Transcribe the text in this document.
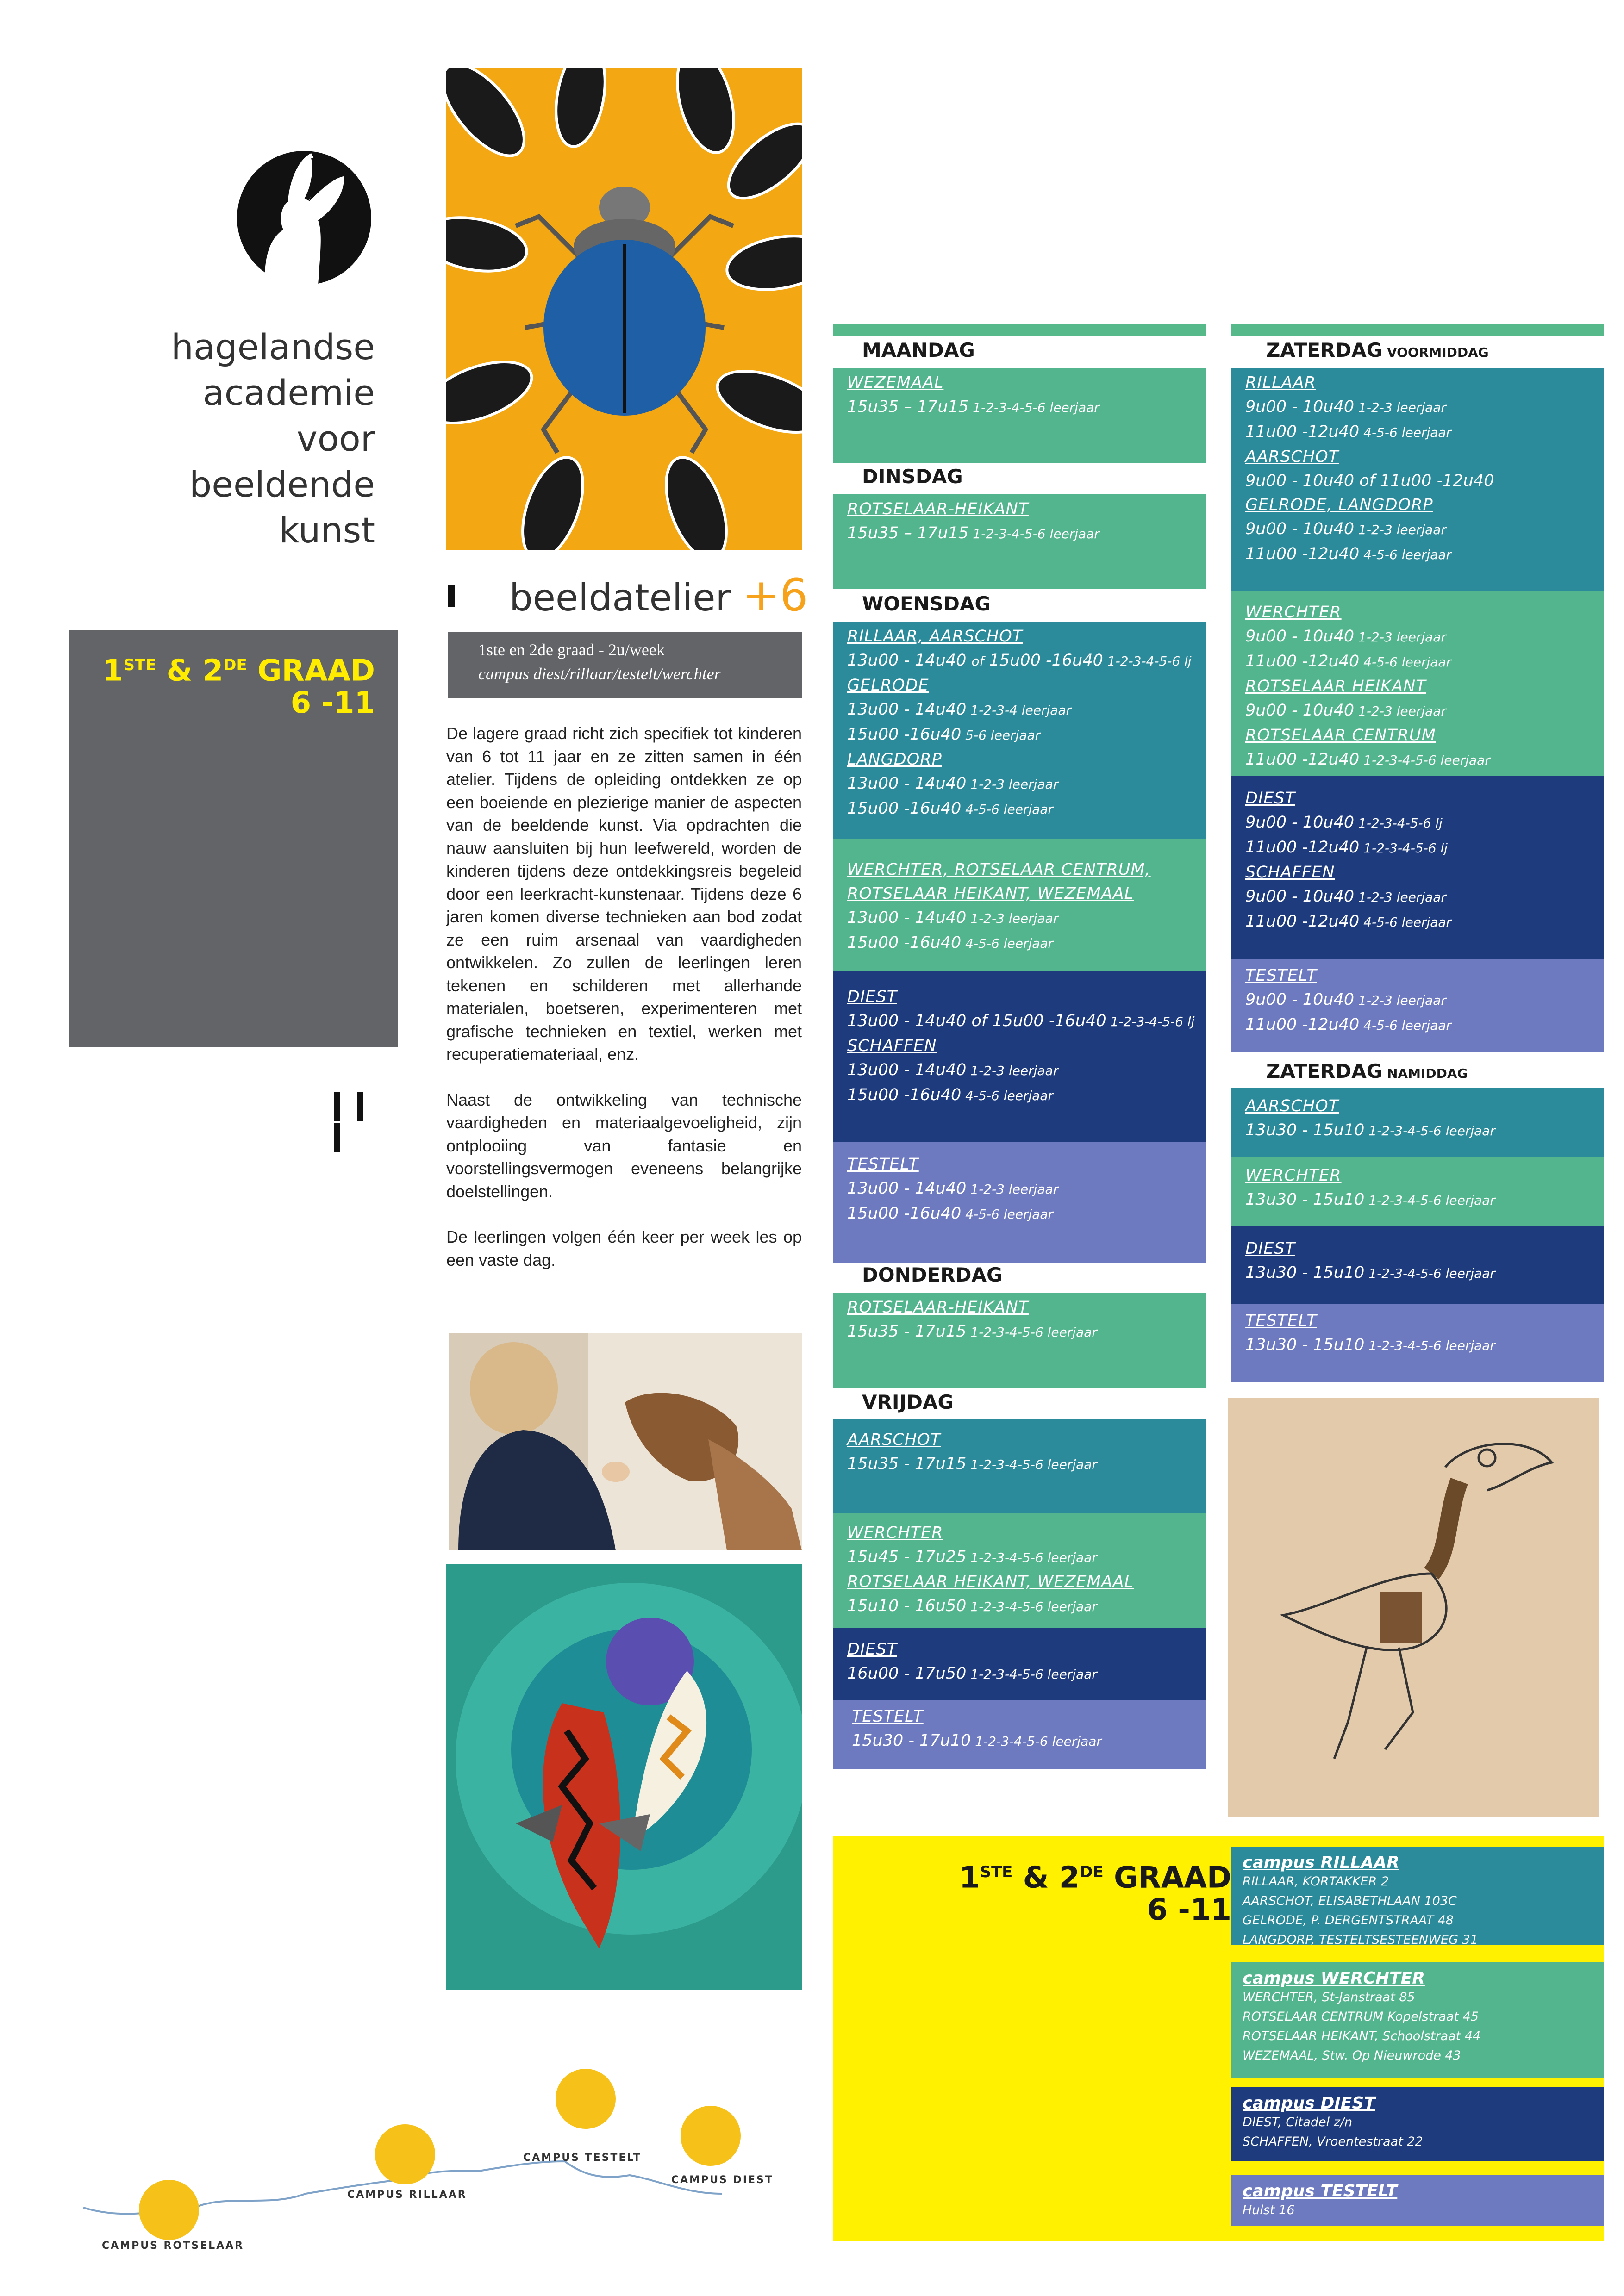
hagelandse
academie
voor
beeldende
kunst
1STE & 2DE GRAAD
6 -11
beeldatelier +6
1ste en 2de graad - 2u/week
campus diest/rillaar/testelt/werchter

De lagere graad richt zich specifiek tot kinderen van 6 tot 11 jaar en ze zitten samen in één atelier. Tijdens de opleiding ontdekken ze op een boeiende en plezierige manier de aspecten van de beeldende kunst. Via opdrachten die nauw aansluiten bij hun leefwereld, worden de kinderen tijdens deze ontdekkingsreis begeleid door een leerkracht-kunstenaar. Tijdens deze 6 jaren komen diverse technieken aan bod zodat ze een ruim arsenaal van vaardigheden ontwikkelen. Zo zullen de leerlingen leren tekenen en schilderen met allerhande materialen, boetseren, experimenteren met grafische technieken en textiel, werken met recuperatiemateriaal, enz.

Naast de ontwikkeling van technische vaardigheden en materiaalgevoeligheid, zijn ontplooiing van fantasie en voorstellingsvermogen eveneens belangrijke doelstellingen.

De leerlingen volgen één keer per week les op een vaste dag.

MAANDAG
WEZEMAAL
15u35 – 17u15 1-2-3-4-5-6 leerjaar
DINSDAG
ROTSELAAR-HEIKANT
15u35 – 17u15 1-2-3-4-5-6 leerjaar
WOENSDAG
RILLAAR, AARSCHOT
13u00 - 14u40 of 15u00 -16u40 1-2-3-4-5-6 lj
GELRODE
13u00 - 14u40 1-2-3-4 leerjaar
15u00 -16u40 5-6 leerjaar
LANGDORP
13u00 - 14u40 1-2-3 leerjaar
15u00 -16u40 4-5-6 leerjaar
WERCHTER, ROTSELAAR CENTRUM,
ROTSELAAR HEIKANT, WEZEMAAL
13u00 - 14u40 1-2-3 leerjaar
15u00 -16u40 4-5-6 leerjaar
DIEST
13u00 - 14u40 of 15u00 -16u40 1-2-3-4-5-6 lj
SCHAFFEN
13u00 - 14u40 1-2-3 leerjaar
15u00 -16u40 4-5-6 leerjaar
TESTELT
13u00 - 14u40 1-2-3 leerjaar
15u00 -16u40 4-5-6 leerjaar
DONDERDAG
ROTSELAAR-HEIKANT
15u35 - 17u15 1-2-3-4-5-6 leerjaar
VRIJDAG
AARSCHOT
15u35 - 17u15 1-2-3-4-5-6 leerjaar
WERCHTER
15u45 - 17u25 1-2-3-4-5-6 leerjaar
ROTSELAAR HEIKANT, WEZEMAAL
15u10 - 16u50 1-2-3-4-5-6 leerjaar
DIEST
16u00 - 17u50 1-2-3-4-5-6 leerjaar
TESTELT
15u30 - 17u10 1-2-3-4-5-6 leerjaar
ZATERDAG VOORMIDDAG
RILLAAR
9u00 - 10u40 1-2-3 leerjaar
11u00 -12u40 4-5-6 leerjaar
AARSCHOT
9u00 - 10u40 of 11u00 -12u40
GELRODE, LANGDORP
9u00 - 10u40 1-2-3 leerjaar
11u00 -12u40 4-5-6 leerjaar
WERCHTER
9u00 - 10u40 1-2-3 leerjaar
11u00 -12u40 4-5-6 leerjaar
ROTSELAAR HEIKANT
9u00 - 10u40 1-2-3 leerjaar
ROTSELAAR CENTRUM
11u00 -12u40 1-2-3-4-5-6 leerjaar
DIEST
9u00 - 10u40 1-2-3-4-5-6 lj
11u00 -12u40 1-2-3-4-5-6 lj
SCHAFFEN
9u00 - 10u40 1-2-3 leerjaar
11u00 -12u40 4-5-6 leerjaar
TESTELT
9u00 - 10u40 1-2-3 leerjaar
11u00 -12u40 4-5-6 leerjaar
ZATERDAG NAMIDDAG
AARSCHOT
13u30 - 15u10 1-2-3-4-5-6 leerjaar
WERCHTER
13u30 - 15u10 1-2-3-4-5-6 leerjaar
DIEST
13u30 - 15u10 1-2-3-4-5-6 leerjaar
TESTELT
13u30 - 15u10 1-2-3-4-5-6 leerjaar
1STE & 2DE GRAAD
6 -11
campus RILLAAR
RILLAAR, KORTAKKER 2
AARSCHOT, ELISABETHLAAN 103C
GELRODE, P. DERGENTSTRAAT 48
LANGDORP, TESTELTSESTEENWEG 31
campus WERCHTER
WERCHTER, St-Janstraat 85
ROTSELAAR CENTRUM Kopelstraat 45
ROTSELAAR HEIKANT, Schoolstraat 44
WEZEMAAL, Stw. Op Nieuwrode 43
campus DIEST
DIEST, Citadel z/n
SCHAFFEN, Vroentestraat 22
campus TESTELT
Hulst 16
CAMPUS ROTSELAAR
CAMPUS RILLAAR
CAMPUS TESTELT
CAMPUS DIEST
